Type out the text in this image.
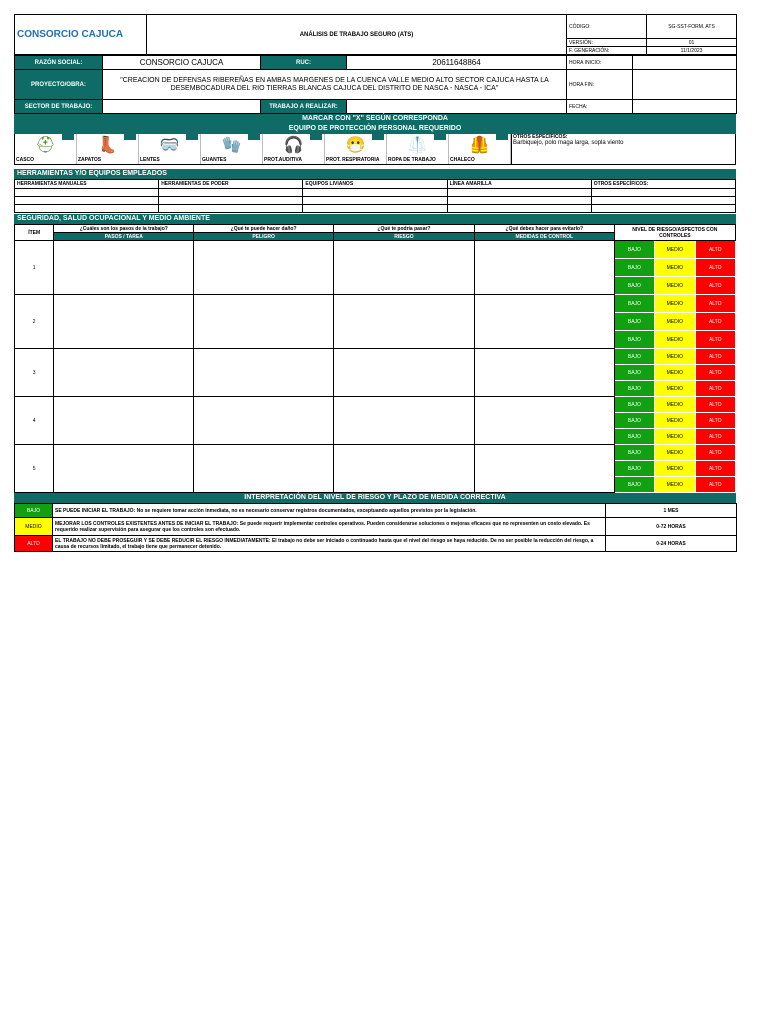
CONSORCIO CAJUCA	ANÁLISIS DE TRABAJO SEGURO (ATS)	CÓDIGO:	SG-SST-FORM. ATS
		VERSIÓN:	01
		F. GENERACIÓN:	11/1/2023
RAZÓN SOCIAL:	CONSORCIO CAJUCA	RUC:	20611648864	HORA INICIO:	
PROYECTO/OBRA:	"CREACION DE DEFENSAS RIBEREÑAS EN AMBAS MARGENES DE LA CUENCA VALLE MEDIO ALTO SECTOR CAJUCA HASTA LA DESEMBOCADURA DEL RIO TIERRAS BLANCAS CAJUCA DEL DISTRITO DE NASCA - NASCA - ICA"			HORA FIN:	
SECTOR DE TRABAJO:		TRABAJO A REALIZAR:		FECHA:	
MARCAR CON "X" SEGÚN CORRESPONDA
EQUIPO DE PROTECCIÓN PERSONAL REQUERIDO
⛑
CASCO
👢
ZAPATOS
🥽
LENTES
🧤
GUANTES
🎧
PROT.AUDITIVA
😷
PROT. RESPIRATORIA
🥼
ROPA DE TRABAJO
🦺
CHALECO
OTROS ESPECÍFICOS:
Barbiquejo, polo maga larga, sopla viento
HERRAMIENTAS Y/O EQUIPOS EMPLEADOS
HERRAMIENTAS MANUALES	HERRAMIENTAS DE PODER	EQUIPOS LIVIANOS	LÍNEA AMARILLA	OTROS ESPECÍFICOS:

SEGURIDAD, SALUD OCUPACIONAL Y MEDIO AMBIENTE
ÍTEM	¿Cuáles son los pasos de la trabajo?	¿Qué te puede hacer daño?	¿Qué te podría pasar?	¿Qué debes hacer para evitarlo?	NIVEL DE RIESGO/ASPECTOS CON CONTROLES		
	PASOS / TAREA	PELIGRO	RIESGO	MEDIDAS DE CONTROL			
1					BAJO	MEDIO	ALTO
					BAJO	MEDIO	ALTO
					BAJO	MEDIO	ALTO
2					BAJO	MEDIO	ALTO
					BAJO	MEDIO	ALTO
					BAJO	MEDIO	ALTO
3					BAJO	MEDIO	ALTO
					BAJO	MEDIO	ALTO
					BAJO	MEDIO	ALTO
4					BAJO	MEDIO	ALTO
					BAJO	MEDIO	ALTO
					BAJO	MEDIO	ALTO
5					BAJO	MEDIO	ALTO
					BAJO	MEDIO	ALTO
					BAJO	MEDIO	ALTO
INTERPRETACIÓN DEL NIVEL DE RIESGO Y PLAZO DE MEDIDA CORRECTIVA
BAJO	SE PUEDE INICIAR EL TRABAJO: No se requiere tomar acción inmediata, no es necesario conservar registros documentados, exceptuando aquellos previstos por la legislación.	1 MES
MEDIO	MEJORAR LOS CONTROLES EXISTENTES ANTES DE INICIAR EL TRABAJO: Se puede requerir implementar controles operativos. Pueden considerarse soluciones o mejoras eficaces que no representen un costo elevado. Es requerido realizar supervisión para asegurar que los controles son efectuado.	0-72 HORAS
ALTO	EL TRABAJO NO DEBE PROSEGUIR Y SE DEBE REDUCIR EL RIESGO INMEDIATAMENTE: El trabajo no debe ser iniciado o continuado hasta que el nivel del riesgo se haya reducido. De no ser posible la reducción del riesgo, a causa de recursos limitado, el trabajo tiene que permanecer detenido.	0-24 HORAS
